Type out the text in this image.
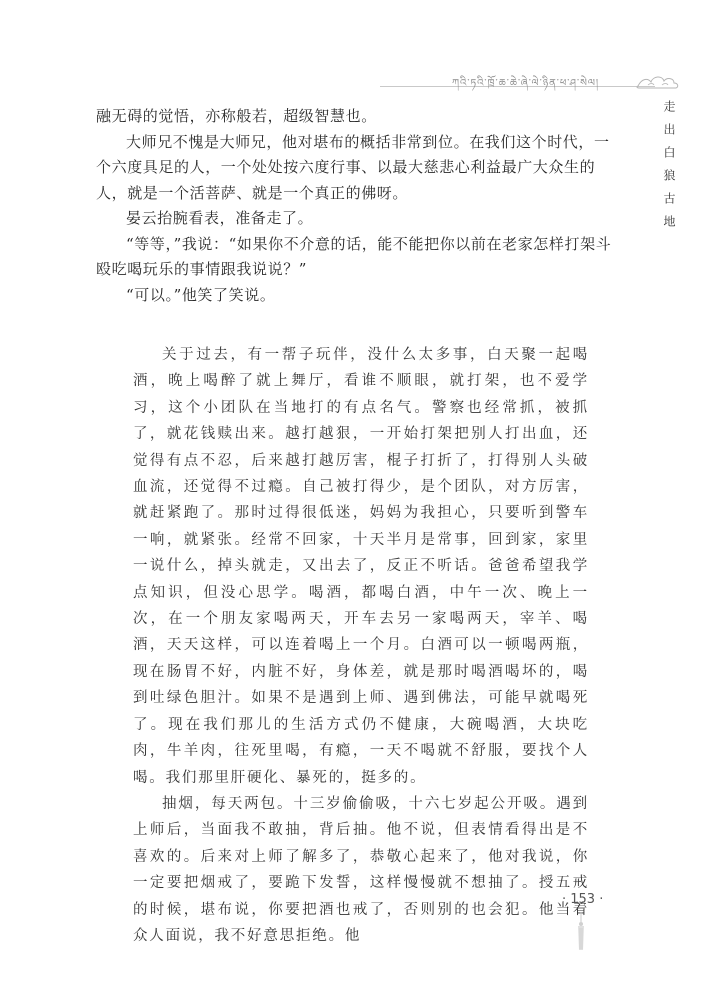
ཀའི་ཏའི་ཁྲོ་ཆ་ཆེ་ཞེ་ལེ་ཉིན་ཕ་ཤ་སེལ།
走出白狼古地

融无碍的觉悟，亦称般若，超级智慧也。

大师兄不愧是大师兄，他对堪布的概括非常到位。在我们这个时代，一个六度具足的人，一个处处按六度行事、以最大慈悲心利益最广大众生的人，就是一个活菩萨、就是一个真正的佛呀。

晏云抬腕看表，准备走了。

“等等，”我说：“如果你不介意的话，能不能把你以前在老家怎样打架斗殴吃喝玩乐的事情跟我说说？”

“可以。”他笑了笑说。

关于过去，有一帮子玩伴，没什么太多事，白天聚一起喝酒，晚上喝醉了就上舞厅，看谁不顺眼，就打架，也不爱学习，这个小团队在当地打的有点名气。警察也经常抓，被抓了，就花钱赎出来。越打越狠，一开始打架把别人打出血，还觉得有点不忍，后来越打越厉害，棍子打折了，打得别人头破血流，还觉得不过瘾。自己被打得少，是个团队，对方厉害，就赶紧跑了。那时过得很低迷，妈妈为我担心，只要听到警车一响，就紧张。经常不回家，十天半月是常事，回到家，家里一说什么，掉头就走，又出去了，反正不听话。爸爸希望我学点知识，但没心思学。喝酒，都喝白酒，中午一次、晚上一次，在一个朋友家喝两天，开车去另一家喝两天，宰羊、喝酒，天天这样，可以连着喝上一个月。白酒可以一顿喝两瓶，现在肠胃不好，内脏不好，身体差，就是那时喝酒喝坏的，喝到吐绿色胆汁。如果不是遇到上师、遇到佛法，可能早就喝死了。现在我们那儿的生活方式仍不健康，大碗喝酒，大块吃肉，牛羊肉，往死里喝，有瘾，一天不喝就不舒服，要找个人喝。我们那里肝硬化、暴死的，挺多的。

抽烟，每天两包。十三岁偷偷吸，十六七岁起公开吸。遇到上师后，当面我不敢抽，背后抽。他不说，但表情看得出是不喜欢的。后来对上师了解多了，恭敬心起来了，他对我说，你一定要把烟戒了，要跪下发誓，这样慢慢就不想抽了。授五戒的时候，堪布说，你要把酒也戒了，否则别的也会犯。他当着众人面说，我不好意思拒绝。他

· 153 ·
